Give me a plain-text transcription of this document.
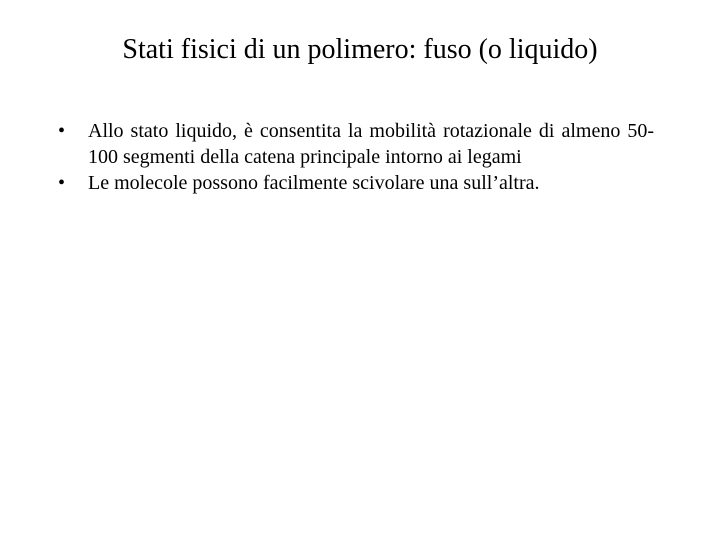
Stati fisici di un polimero: fuso (o liquido)
•	Allo stato liquido, è consentita la mobilità rotazionale di almeno 50-100 segmenti della catena principale intorno ai legami
•	Le molecole possono facilmente scivolare una sull’altra.
